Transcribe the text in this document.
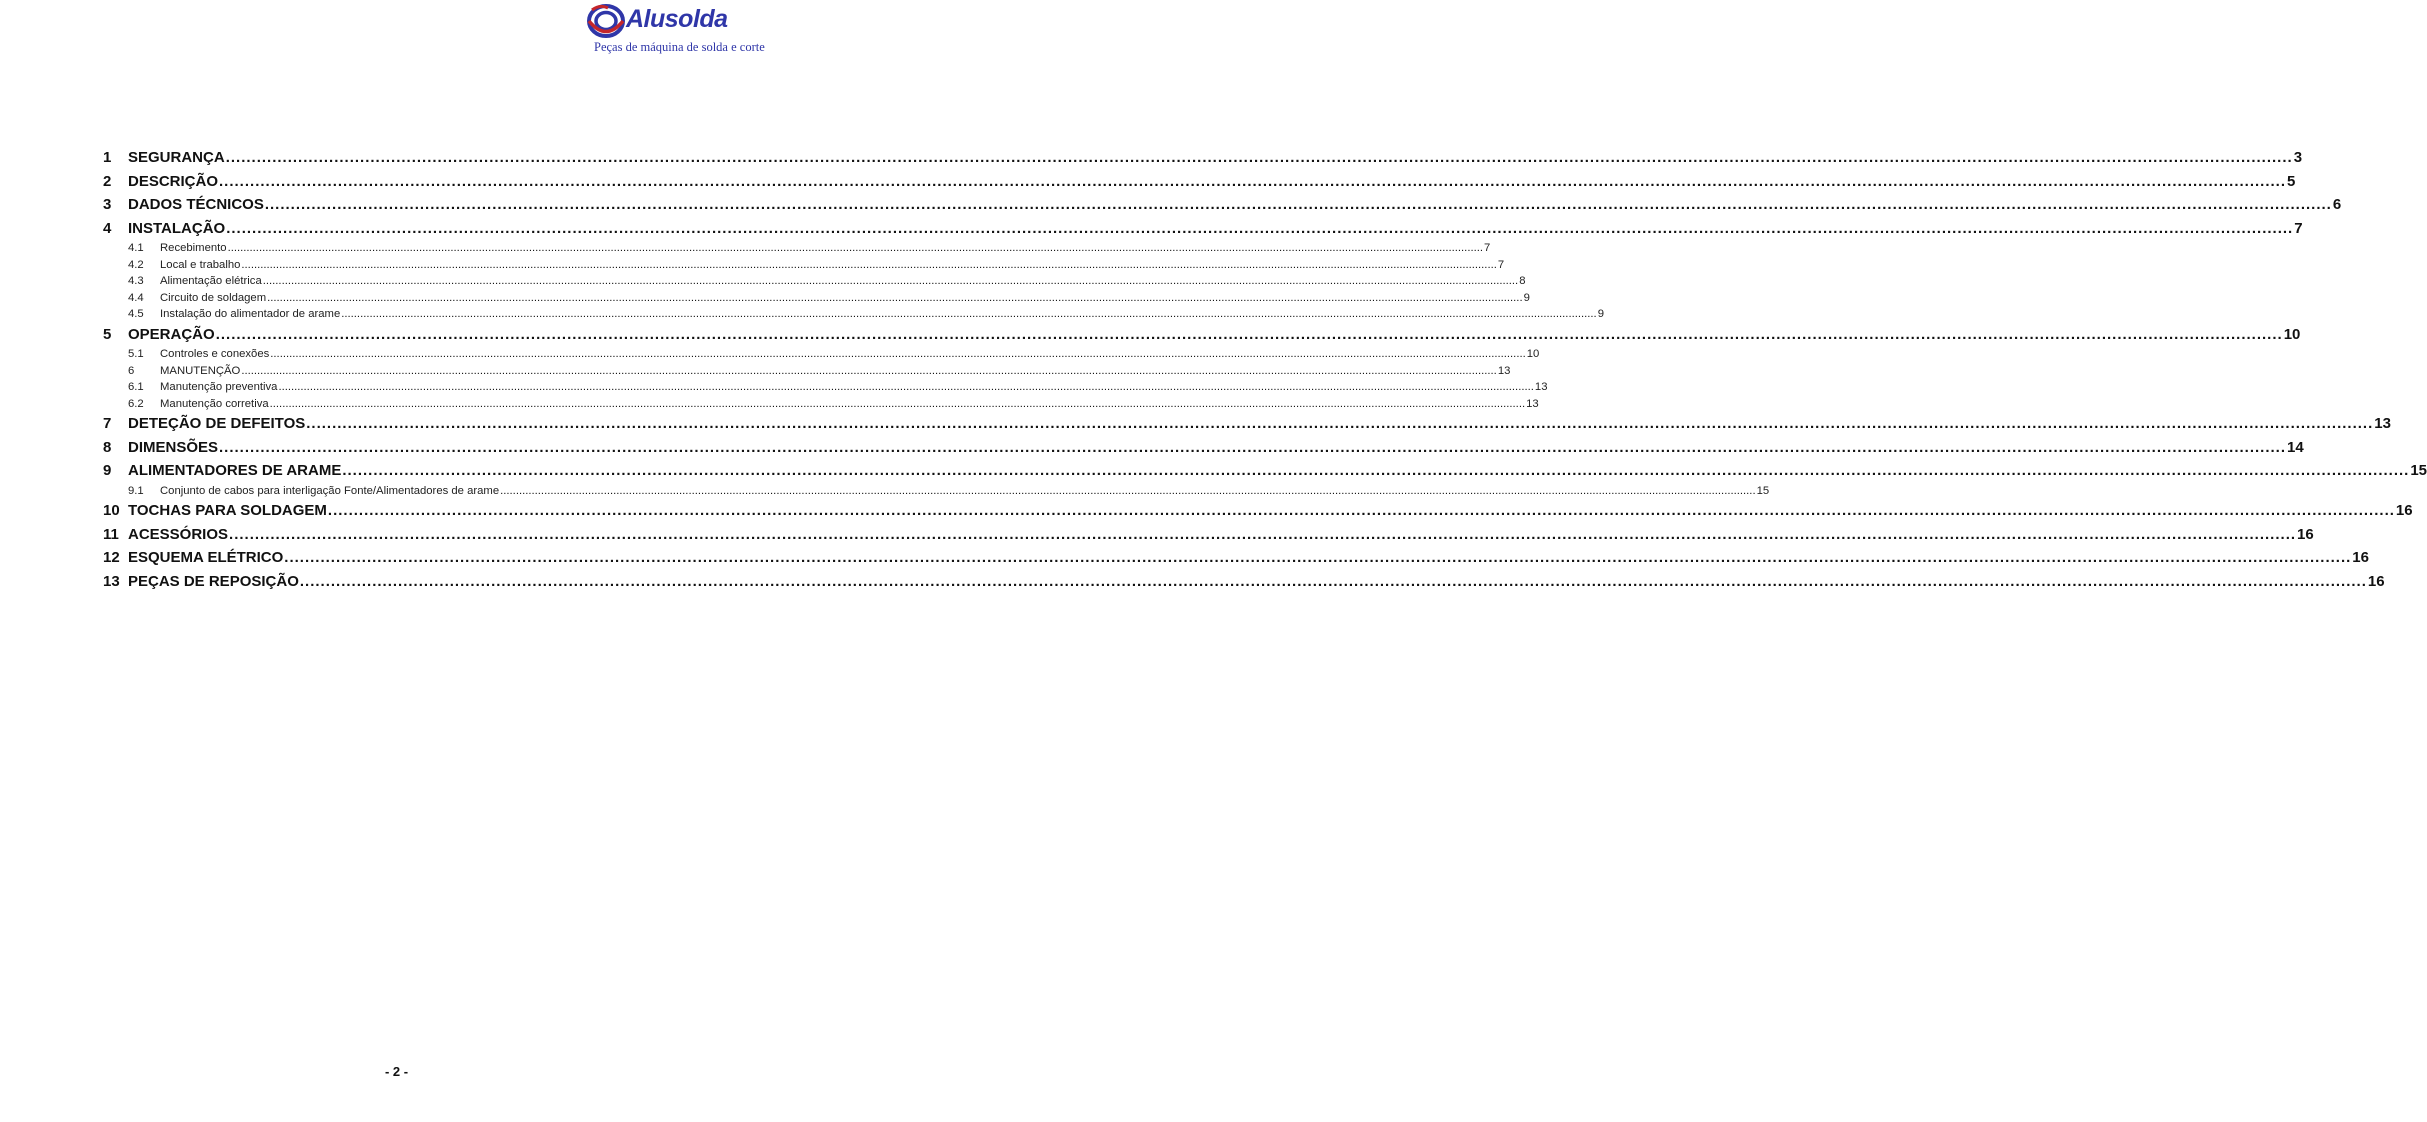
Alusolda
Peças de máquina de solda e corte
1	SEGURANÇA ................................................................................................................................................................................................................................................................................................................................................................................................................ 3
2	DESCRIÇÃO ................................................................................................................................................................................................................................................................................................................................................................................................................ 5
3	DADOS TÉCNICOS ................................................................................................................................................................................................................................................................................................................................................................................................................ 6
4	INSTALAÇÃO ................................................................................................................................................................................................................................................................................................................................................................................................................ 7
4.1	Recebimento ................................................................................................................................................................................................................................................................................................................................................................................................................ 7
4.2	Local e trabalho ................................................................................................................................................................................................................................................................................................................................................................................................................ 7
4.3	Alimentação elétrica ................................................................................................................................................................................................................................................................................................................................................................................................................ 8
4.4	Circuito de soldagem ................................................................................................................................................................................................................................................................................................................................................................................................................ 9
4.5	Instalação do alimentador de arame ................................................................................................................................................................................................................................................................................................................................................................................................................ 9
5	OPERAÇÃO ................................................................................................................................................................................................................................................................................................................................................................................................................ 10
5.1	Controles e conexões ................................................................................................................................................................................................................................................................................................................................................................................................................ 10
6	MANUTENÇÃO ................................................................................................................................................................................................................................................................................................................................................................................................................ 13
6.1	Manutenção preventiva ................................................................................................................................................................................................................................................................................................................................................................................................................ 13
6.2	Manutenção corretiva ................................................................................................................................................................................................................................................................................................................................................................................................................ 13
7	DETEÇÃO DE DEFEITOS ................................................................................................................................................................................................................................................................................................................................................................................................................ 13
8	DIMENSÕES ................................................................................................................................................................................................................................................................................................................................................................................................................ 14
9	ALIMENTADORES DE ARAME ................................................................................................................................................................................................................................................................................................................................................................................................................ 15
9.1	Conjunto de cabos para interligação Fonte/Alimentadores de arame ................................................................................................................................................................................................................................................................................................................................................................................................................ 15
10 TOCHAS PARA SOLDAGEM ................................................................................................................................................................................................................................................................................................................................................................................................................ 16
11 ACESSÓRIOS ................................................................................................................................................................................................................................................................................................................................................................................................................ 16
12 ESQUEMA ELÉTRICO ................................................................................................................................................................................................................................................................................................................................................................................................................ 16
13 PEÇAS DE REPOSIÇÃO ................................................................................................................................................................................................................................................................................................................................................................................................................ 16
- 2 -
